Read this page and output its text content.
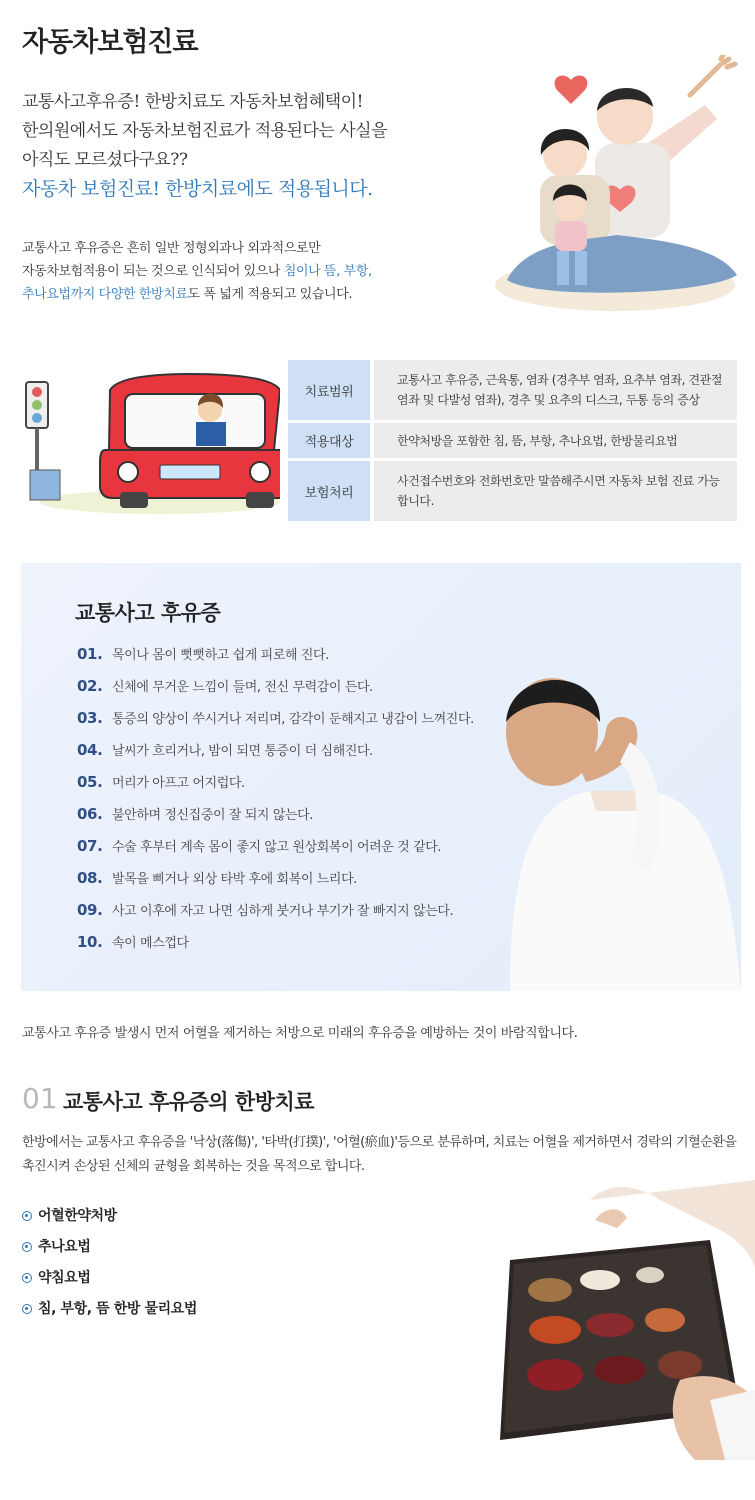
자동차보험진료
교통사고후유증! 한방치료도 자동차보험혜택이!
한의원에서도 자동차보험진료가 적용된다는 사실을
아직도 모르셨다구요??
자동차 보험진료! 한방치료에도 적용됩니다.
교통사고 후유증은 흔히 일반 정형외과나 외과적으로만
자동차보험적용이 되는 것으로 인식되어 있으나 침이나 뜸, 부항,
추나요법까지 다양한 한방치료도 폭 넓게 적용되고 있습니다.
치료범위	교통사고 후유증, 근육통, 염좌 (경추부 염좌, 요추부 염좌, 견관절 염좌 및 다발성 염좌), 경추 및 요추의 디스크, 두통 등의 증상
적용대상	한약처방을 포함한 침, 뜸, 부항, 추나요법, 한방물리요법
보험처리	사건접수번호와 전화번호만 말씀해주시면 자동차 보험 진료 가능합니다.
교통사고 후유증
01. 목이나 몸이 뻣뻣하고 쉽게 피로해 진다.
02. 신체에 무거운 느낌이 들며, 전신 무력감이 든다.
03. 통증의 양상이 쑤시거나 저리며, 감각이 둔해지고 냉감이 느껴진다.
04. 날씨가 흐리거나, 밤이 되면 통증이 더 심해진다.
05. 머리가 아프고 어지럽다.
06. 불안하며 정신집중이 잘 되지 않는다.
07. 수술 후부터 계속 몸이 좋지 않고 원상회복이 어려운 것 같다.
08. 발목을 삐거나 외상 타박 후에 회복이 느리다.
09. 사고 이후에 자고 나면 심하게 붓거나 부기가 잘 빠지지 않는다.
10. 속이 메스껍다
교통사고 후유증 발생시 먼저 어혈을 제거하는 처방으로 미래의 후유증을 예방하는 것이 바람직합니다.
01 교통사고 후유증의 한방치료
한방에서는 교통사고 후유증을 '낙상(落傷)', '타박(打撲)', '어혈(瘀血)'등으로 분류하며, 치료는 어혈을 제거하면서 경락의 기혈순환을 촉진시켜 손상된 신체의 균형을 회복하는 것을 목적으로 합니다.
어혈한약처방
추나요법
약침요법
침, 부항, 뜸 한방 물리요법
